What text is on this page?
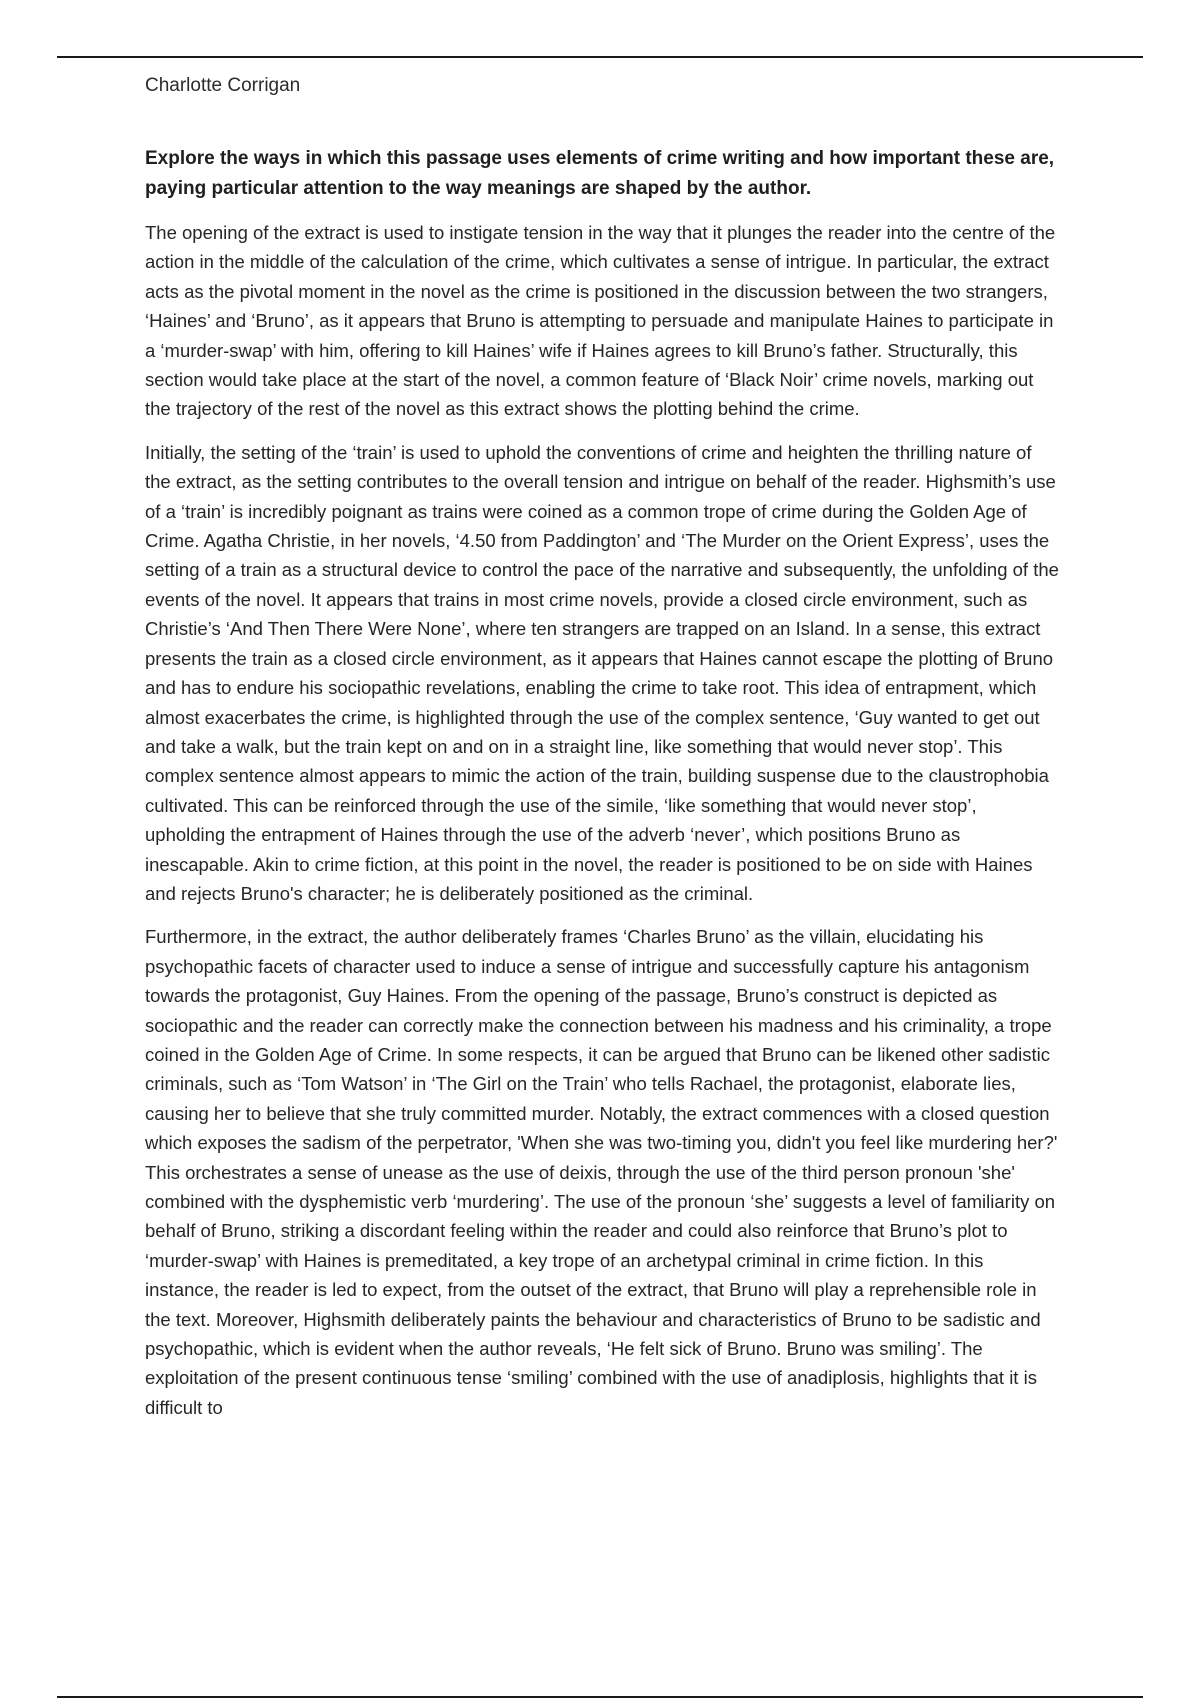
Charlotte Corrigan

Explore the ways in which this passage uses elements of crime writing and how important these are, paying particular attention to the way meanings are shaped by the author.

The opening of the extract is used to instigate tension in the way that it plunges the reader into the centre of the action in the middle of the calculation of the crime, which cultivates a sense of intrigue. In particular, the extract acts as the pivotal moment in the novel as the crime is positioned in the discussion between the two strangers, ‘Haines’ and ‘Bruno’, as it appears that Bruno is attempting to persuade and manipulate Haines to participate in a ‘murder-swap’ with him, offering to kill Haines’ wife if Haines agrees to kill Bruno’s father. Structurally, this section would take place at the start of the novel, a common feature of ‘Black Noir’ crime novels, marking out the trajectory of the rest of the novel as this extract shows the plotting behind the crime.

Initially, the setting of the ‘train’ is used to uphold the conventions of crime and heighten the thrilling nature of the extract, as the setting contributes to the overall tension and intrigue on behalf of the reader. Highsmith’s use of a ‘train’ is incredibly poignant as trains were coined as a common trope of crime during the Golden Age of Crime. Agatha Christie, in her novels, ‘4.50 from Paddington’ and ‘The Murder on the Orient Express’, uses the setting of a train as a structural device to control the pace of the narrative and subsequently, the unfolding of the events of the novel. It appears that trains in most crime novels, provide a closed circle environment, such as Christie’s ‘And Then There Were None’, where ten strangers are trapped on an Island. In a sense, this extract presents the train as a closed circle environment, as it appears that Haines cannot escape the plotting of Bruno and has to endure his sociopathic revelations, enabling the crime to take root. This idea of entrapment, which almost exacerbates the crime, is highlighted through the use of the complex sentence, ‘Guy wanted to get out and take a walk, but the train kept on and on in a straight line, like something that would never stop’. This complex sentence almost appears to mimic the action of the train, building suspense due to the claustrophobia cultivated. This can be reinforced through the use of the simile, ‘like something that would never stop’, upholding the entrapment of Haines through the use of the adverb ‘never’, which positions Bruno as inescapable. Akin to crime fiction, at this point in the novel, the reader is positioned to be on side with Haines and rejects Bruno's character; he is deliberately positioned as the criminal.

Furthermore, in the extract, the author deliberately frames ‘Charles Bruno’ as the villain, elucidating his psychopathic facets of character used to induce a sense of intrigue and successfully capture his antagonism towards the protagonist, Guy Haines. From the opening of the passage, Bruno’s construct is depicted as sociopathic and the reader can correctly make the connection between his madness and his criminality, a trope coined in the Golden Age of Crime. In some respects, it can be argued that Bruno can be likened other sadistic criminals, such as ‘Tom Watson’ in ‘The Girl on the Train’ who tells Rachael, the protagonist, elaborate lies, causing her to believe that she truly committed murder. Notably, the extract commences with a closed question which exposes the sadism of the perpetrator, 'When she was two-timing you, didn't you feel like murdering her?' This orchestrates a sense of unease as the use of deixis, through the use of the third person pronoun 'she' combined with the dysphemistic verb ‘murdering’. The use of the pronoun ‘she’ suggests a level of familiarity on behalf of Bruno, striking a discordant feeling within the reader and could also reinforce that Bruno’s plot to ‘murder-swap’ with Haines is premeditated, a key trope of an archetypal criminal in crime fiction. In this instance, the reader is led to expect, from the outset of the extract, that Bruno will play a reprehensible role in the text. Moreover, Highsmith deliberately paints the behaviour and characteristics of Bruno to be sadistic and psychopathic, which is evident when the author reveals, ‘He felt sick of Bruno. Bruno was smiling’. The exploitation of the present continuous tense ‘smiling’ combined with the use of anadiplosis, highlights that it is difficult to
